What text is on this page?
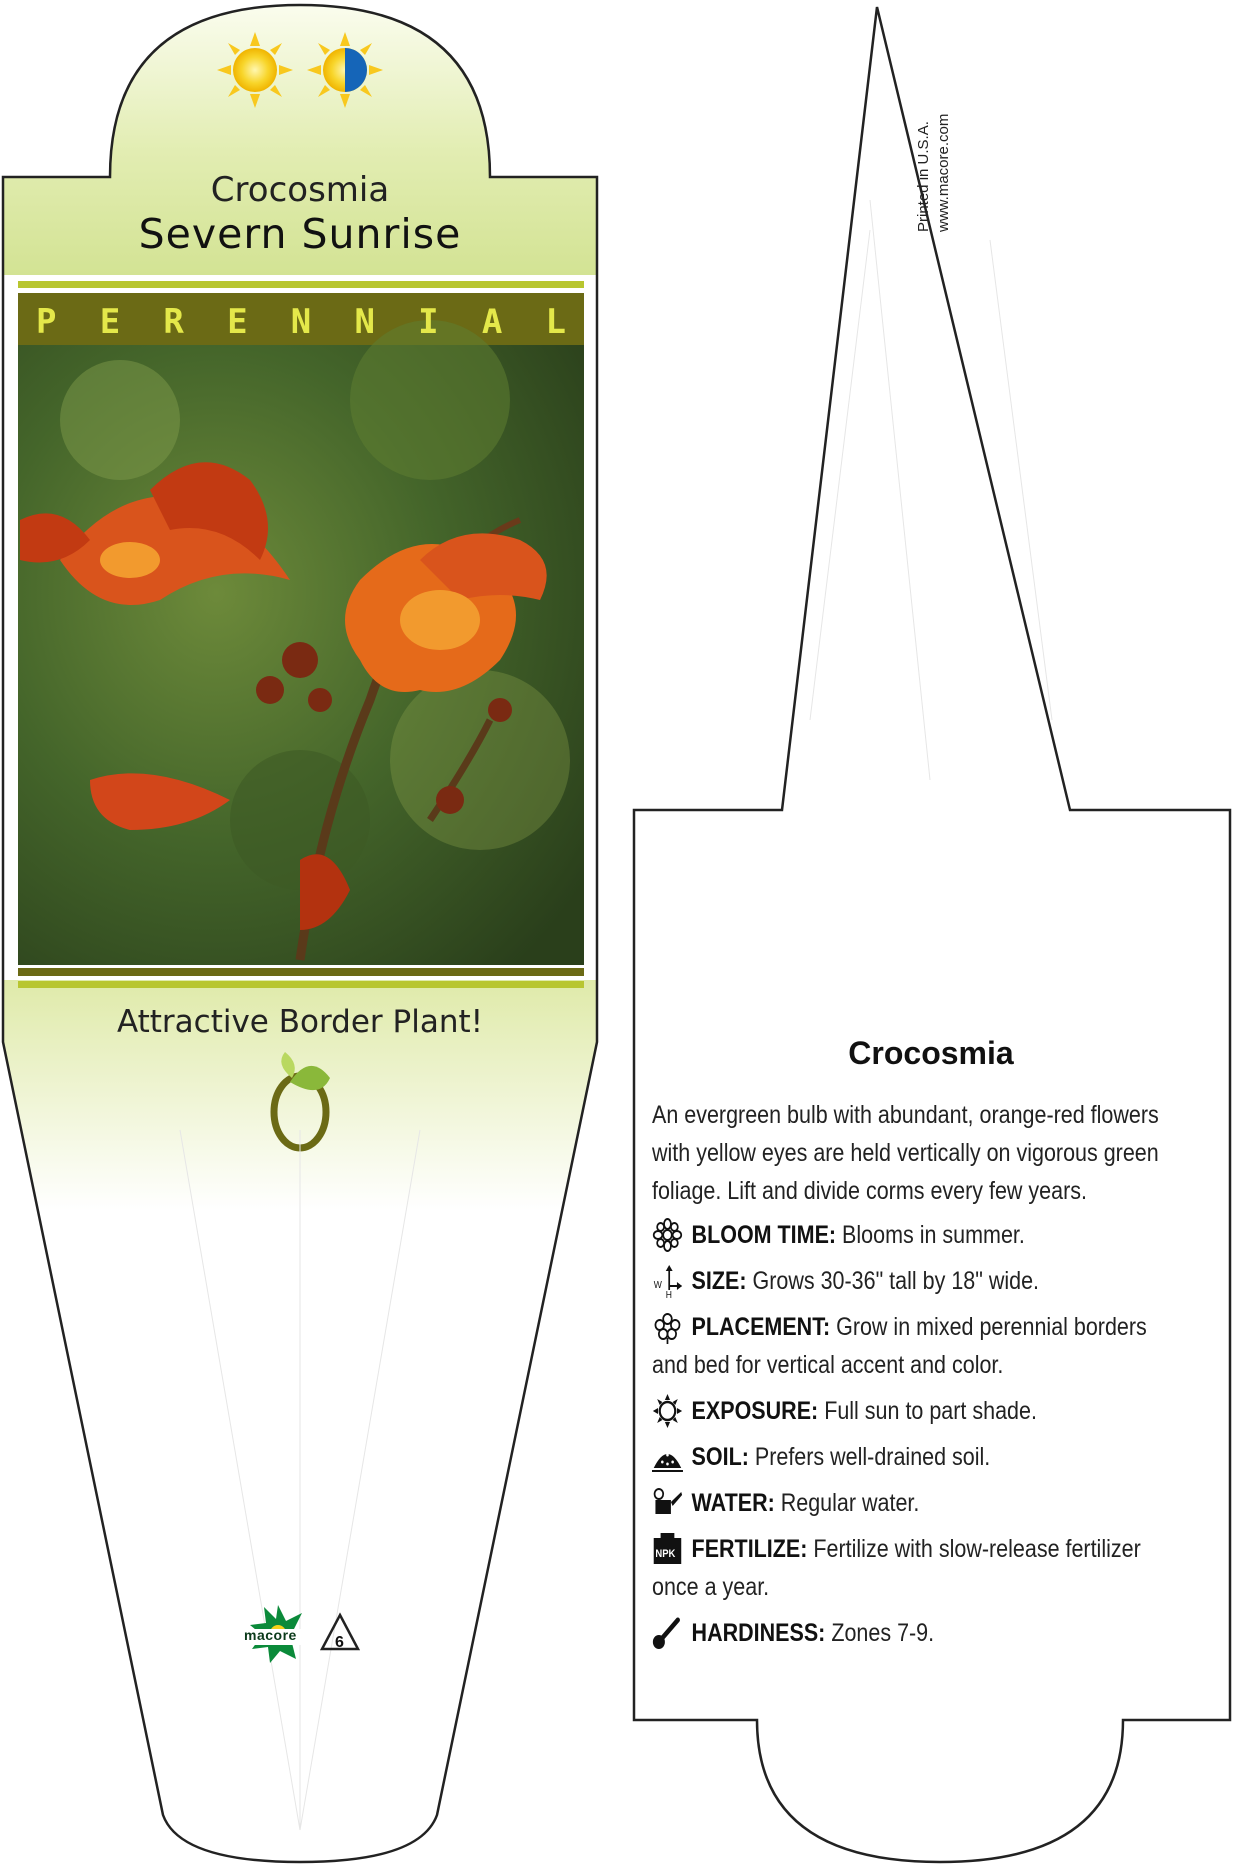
Crocosmia
Severn Sunrise
P E R E N N I A L
Attractive Border Plant!
macore 6
Printed in U.S.A. www.macore.com
Crocosmia
An evergreen bulb with abundant, orange-red flowers
with yellow eyes are held vertically on vigorous green
foliage. Lift and divide corms every few years.
BLOOM TIME:
Blooms in summer.
W
H SIZE:
Grows 30-36" tall by 18" wide.
PLACEMENT:
Grow in mixed perennial borders
and bed for vertical accent and color.
EXPOSURE:
Full sun to part shade.
SOIL:
Prefers well-drained soil.
WATER:
Regular water.
NPK FERTILIZE:
Fertilize with slow-release fertilizer
once a year.
HARDINESS:
Zones 7-9.
